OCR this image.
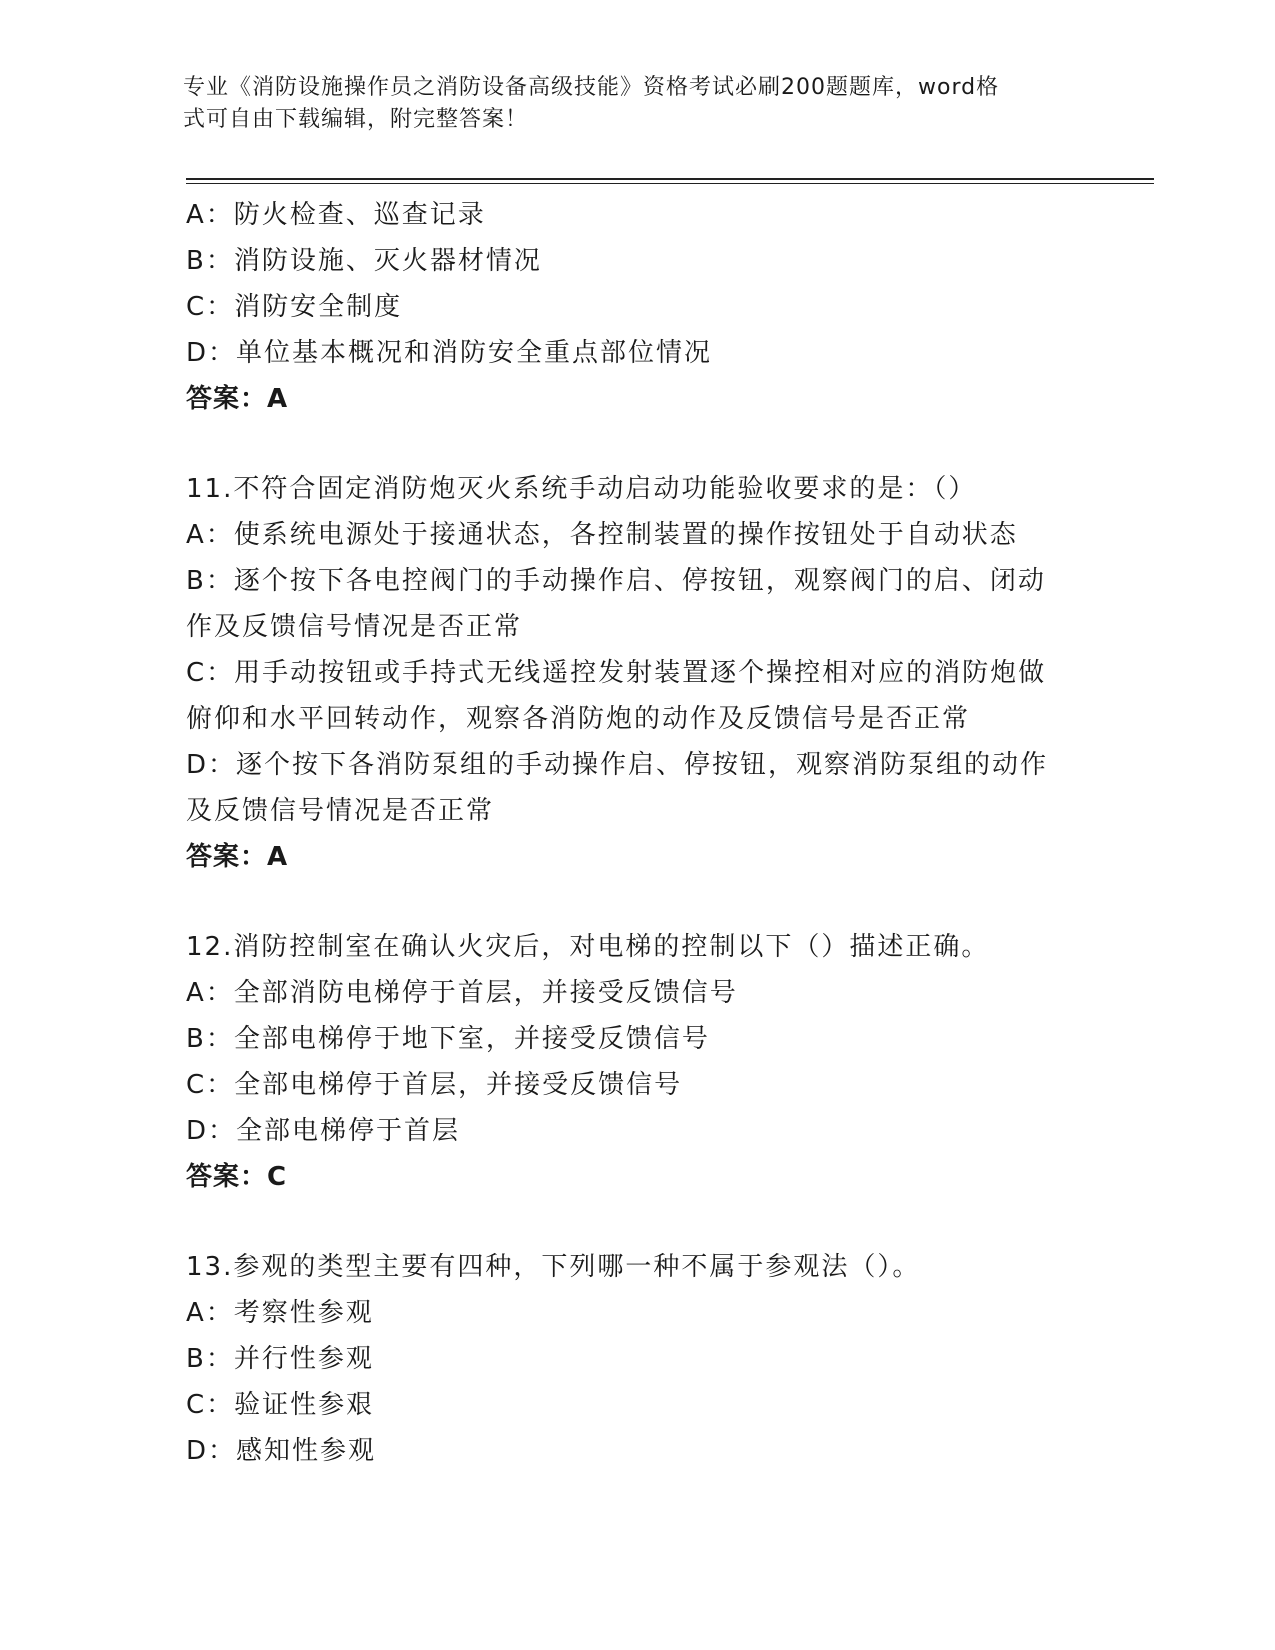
专业《消防设施操作员之消防设备高级技能》资格考试必刷200题题库，word格
式可自由下载编辑，附完整答案！
A：防火检查、巡查记录
B：消防设施、灭火器材情况
C：消防安全制度
D：单位基本概况和消防安全重点部位情况
答案：A
11.不符合固定消防炮灭火系统手动启动功能验收要求的是：（）
A：使系统电源处于接通状态，各控制装置的操作按钮处于自动状态
B：逐个按下各电控阀门的手动操作启、停按钮，观察阀门的启、闭动
作及反馈信号情况是否正常
C：用手动按钮或手持式无线遥控发射装置逐个操控相对应的消防炮做
俯仰和水平回转动作，观察各消防炮的动作及反馈信号是否正常
D：逐个按下各消防泵组的手动操作启、停按钮，观察消防泵组的动作
及反馈信号情况是否正常
答案：A
12.消防控制室在确认火灾后，对电梯的控制以下（）描述正确。
A：全部消防电梯停于首层，并接受反馈信号
B：全部电梯停于地下室，并接受反馈信号
C：全部电梯停于首层，并接受反馈信号
D：全部电梯停于首层
答案：C
13.参观的类型主要有四种，下列哪一种不属于参观法（）。
A：考察性参观
B：并行性参观
C：验证性参艰
D：感知性参观
